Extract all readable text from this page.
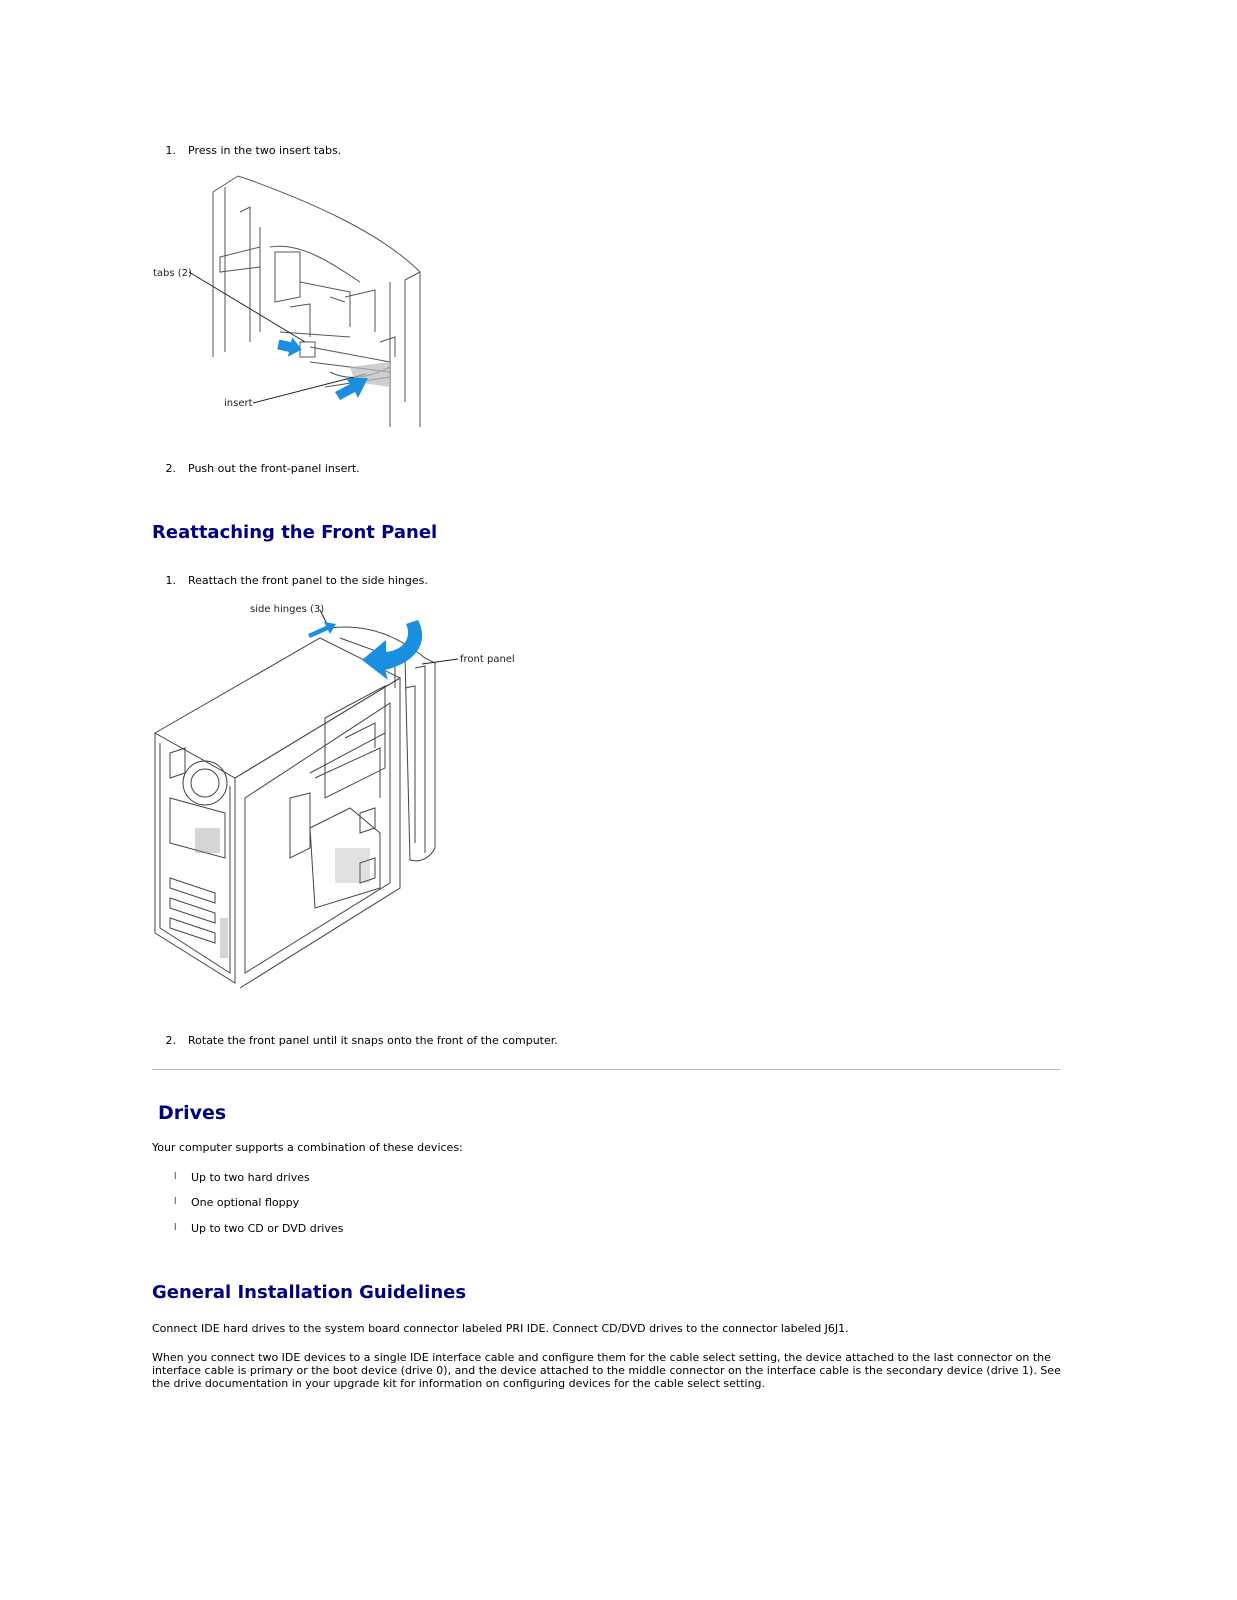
1. Press in the two insert tabs.
tabs (2)
insert
2. Push out the front-panel insert.
Reattaching the Front Panel
1. Reattach the front panel to the side hinges.
side hinges (3)
front panel
2. Rotate the front panel until it snaps onto the front of the computer.
Drives
Your computer supports a combination of these devices:
l Up to two hard drives
l One optional floppy
l Up to two CD or DVD drives
General Installation Guidelines
Connect IDE hard drives to the system board connector labeled PRI IDE. Connect CD/DVD drives to the connector labeled J6J1.
When you connect two IDE devices to a single IDE interface cable and configure them for the cable select setting, the device attached to the last connector on the interface cable is primary or the boot device (drive 0), and the device attached to the middle connector on the interface cable is the secondary device (drive 1). See the drive documentation in your upgrade kit for information on configuring devices for the cable select setting.
